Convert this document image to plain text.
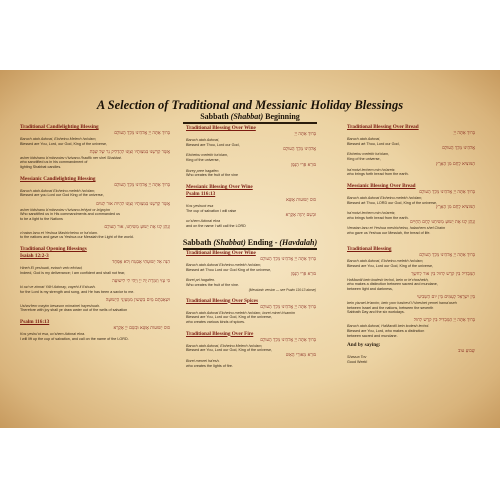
A Selection of Traditional and Messianic Holiday Blessings
Sabbath (Shabbat) Beginning
Sabbath (Shabbat) Ending - (Havdalah)

Traditional Candlelighting Blessing

בָּרוּךְ אַתָּה יְיָ אֱלֹהֵינוּ מֶלֶךְ הָעוֹלָם

Baruch atah Adonai, Eloheinu Melech ha'olam,

Blessed are You, Lord, our God, King of the universe,

אֲשֶׁר קִדְּשָׁנוּ בְּמִצְוֹתָיו וְצִוָּנוּ לְהַדְלִיק נֵר שֶׁל שַׁבָּת

asher kidshanu b'mitzvotav v'tzivanu l'hadlik ner shel Shabbat.

who sanctified us in his commandment of

lighting Shabbat candles.

Messianic Candlelighting Blessing

בָּרוּךְ אַתָּה יְיָ אֱלֹהֵינוּ מֶלֶךְ הָעוֹלָם

Baruch atah Adonai Eloheinu melekh ha'olam,

Blessed are you Lord our God King of the universe,

אֲשֶׁר קִדְּשָׁנוּ בְּמִצְוֹתָיו וְצִוָּנוּ לִהְיוֹת אוֹר לַגּוֹיִם

asher kidshanu b'mitzvotav v'tzivanu lehiyot or la'goyim

Who sanctified us in His commandments and commanded us

to be a light to the Nations

וְנָתַן לָנוּ אֶת יֵשׁוּעַ מְשִׁיחֵנוּ, אוֹר הָעוֹלָם

v'natan lanu et Yeshua Mashicheinu or ha'olam.

to the nations and gave us Yeshua our Messiah the Light of the world.

Traditional Blessing Over Wine

בָּרוּךְ אַתָּה יְיָ

Baruch atah Adonai,

Blessed are Thou, Lord our God,

אֱלֹהֵינוּ מֶלֶךְ הָעוֹלָם

Eloheinu melekh ha'olam,

King of the universe,

בּוֹרֵא פְּרִי הַגָּפֶן

Borey pree hagafen.

Who creates the fruit of the vine

Messianic Blessing Over Wine

Psalm 116:13

כּוֹס יְשׁוּעוֹת אֶשָּׂא

Kos yeshuot esa

The cup of salvation I will raise

וּבְשֵׁם יְהוָה אֶקְרָא

uv'shem Adonai ekra

and on the name I will call the LORD

Traditional Blessing Over Bread

בָּרוּךְ אַתָּה יְיָ

Baruch atah Adonai,

Blessed art Thou, Lord our God,

אֱלֹהֵינוּ מֶלֶךְ הָעוֹלָם

Eloheinu melekh ha'olam,

King of the universe,

הַמּוֹצִיא לֶחֶם מִן הָאָרֶץ

ha'motzi lechem min ha'aretz.

who brings forth bread from the earth.

Messianic Blessing Over Bread

בָּרוּךְ אַתָּה יְיָ אֱלֹהֵינוּ מֶלֶךְ הָעוֹלָם

Baruch atah Adonai Eloheinu melekh ha'olam,

Blessed art Thou, LORD our God, King of the universe,

הַמּוֹצִיא לֶחֶם מִן הָאָרֶץ

ha'motzi lechem min ha'aretz,

who brings forth bread from the earth.

וְנָתַן לָנוּ אֶת יֵשׁוּעַ מְשִׁיחֵנוּ לֶחֶם הַחַיִּים

Venatan lanu et Yeshua meshicheinu, halachem shel Chaim

who gave us Yeshua our Messiah, the bread of life.

Traditional Opening Blessings

Isaiah 12:2-3

הִנֵּה אֵל יְשׁוּעָתִי אֶבְטַח וְלֹא אֶפְחָד

Hineh El yeshuati, evtach velo efchad,

Indeed, God is my deliverance; I am confident and shall not fear,

כִּי עָזִּי וְזִמְרָת יָהּ יְיָ וַיְהִי לִי לִישׁוּעָה

ki ozi ve zimrat YAH Adonay, vayehi li li'shuah.

for the Lord is my strength and song, and He has been a savior to me.

וּשְׁאַבְתֶּם מַיִם בְּשָׂשׂוֹן מִמַּעַיְנֵי הַיְשׁוּעָה

Ushav'tem mayim besason mimainei hayeshuah.

Therefore with joy shall ye draw water out of the wells of salvation

Psalm 116:13

כּוֹס יְשׁוּעוֹת אֶשָּׂא וּבְשֵׁם יְיָ אֶקְרָא

Kos yeshu'ot esa, uv'shem Adonai ekra.

I will lift up the cup of salvation, and call on the name of the LORD.

Traditional Blessing Over Wine

בָּרוּךְ אַתָּה יְיָ אֱלֹהֵינוּ מֶלֶךְ הָעוֹלָם

Baruch atah Adonai Eloheinu melekh ha'olam,

Blessed art Thou Lord our God King of the universe,

בּוֹרֵא פְּרִי הַגָּפֶן

Borei pri hagafen.

Who creates the fruit of the vine.

(Messianic version — see Psalm 116:13 above)

Traditional Blessing Over Spices

בָּרוּךְ אַתָּה יְיָ אֱלֹהֵינוּ מֶלֶךְ הָעוֹלָם

Baruch atah Adonai Eloheinu melekh ha'olam, borei minei b'samim

Blessed are You, Lord our God, King of the universe,

who creates various kinds of spices.

Traditional Blessing Over Fire

בָּרוּךְ אַתָּה יְיָ אֱלֹהֵינוּ מֶלֶךְ הָעוֹלָם

Baruch atah Adonai, Eloheinu Melech ha'olam,

Blessed are You, Lord our God, King of the universe,

בּוֹרֵא מְאוֹרֵי הָאֵשׁ

Borei meorei ha'esh.

who creates the lights of fire.

Traditional Blessing

בָּרוּךְ אַתָּה יְיָ אֱלֹהֵינוּ מֶלֶךְ הָעוֹלָם

Baruch atah Adonai, Eloheinu melekh ha'olam,

Blessed are You, Lord our God, King of the universe,

הַמַּבְדִּיל בֵּין קֹדֶשׁ לְחוֹל בֵּין אוֹר לְחֹשֶׁךְ

HaMavdil bein kodesh lechol, bein or le'choshekh,

who makes a distinction between sacred and mundane,

between light and darkness,

בֵּין יִשְׂרָאֵל לָעַמִּים בֵּין יוֹם הַשְּׁבִיעִי

bein yisrael le'amim, bein yom hashevi'i l'sheshet yemei hama'aseh

between Israel and the nations, between the seventh

Sabbath Day and the six workdays.

בָּרוּךְ אַתָּה יְיָ הַמַּבְדִּיל בֵּין קֹדֶשׁ לְחוֹל

Baruch atah Adonai, HaMavdil bein kodesh lechol.

Blessed are You, Lord, who makes a distinction

between sacred and mundane.

And by saying:

שָׁבוּעַ טוֹב

Shavua Tov

Good Week!
